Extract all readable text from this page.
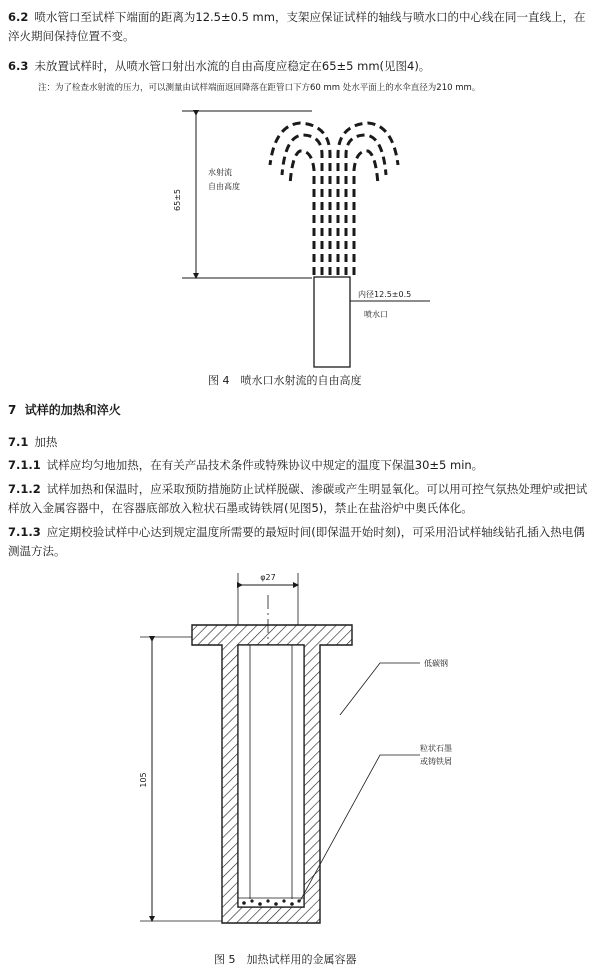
6.2 喷水管口至试样下端面的距离为12.5±0.5 mm，支架应保证试样的轴线与喷水口的中心线在同一直线上，在淬火期间保持位置不变。

6.3 未放置试样时，从喷水管口射出水流的自由高度应稳定在65±5 mm(见图4)。

注：为了检查水射流的压力，可以测量由试样端面返回降落在距管口下方60 mm 处水平面上的水伞直径为210 mm。
65±5
水射流
自由高度
内径12.5±0.5
喷水口
图 4　喷水口水射流的自由高度
7 试样的加热和淬火

7.1 加热

7.1.1 试样应均匀地加热，在有关产品技术条件或特殊协议中规定的温度下保温30±5 min。

7.1.2 试样加热和保温时，应采取预防措施防止试样脱碳、渗碳或产生明显氧化。可以用可控气氛热处理炉或把试样放入金属容器中，在容器底部放入粒状石墨或铸铁屑(见图5)，禁止在盐浴炉中奥氏体化。

7.1.3 应定期校验试样中心达到规定温度所需要的最短时间(即保温开始时刻)，可采用沿试样轴线钻孔插入热电偶测温方法。

φ27
105
低碳钢
粒状石墨
或铸铁屑
图 5　加热试样用的金属容器
